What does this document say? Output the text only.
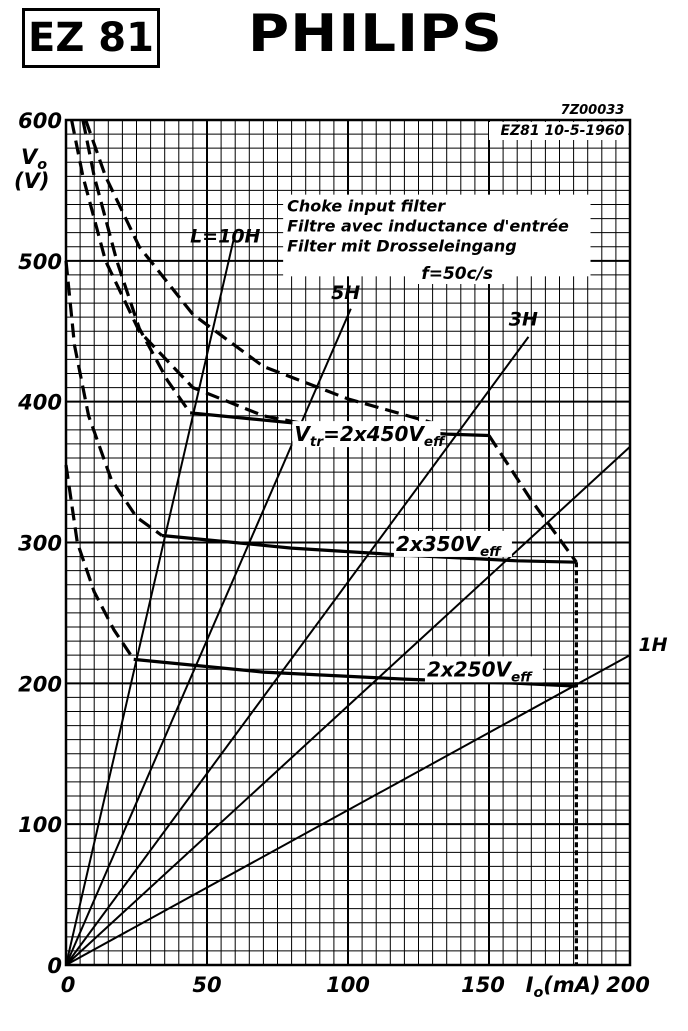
EZ 81 PHILIPS
0	50	100	150	200
0
100
200
300
400
500
600
$V_o$
(V)
$I_o(mA)$
7Z00033
EZ81 10-5-1960
Choke input filter
Filtre avec inductance d'entrée
Filter mit Drosseleingang
f=50c/s
L=10H
5H
3H
1H
$V_{tr}=2x450V_{eff}$
$2x350V_{eff}$
$2x250V_{eff}$
